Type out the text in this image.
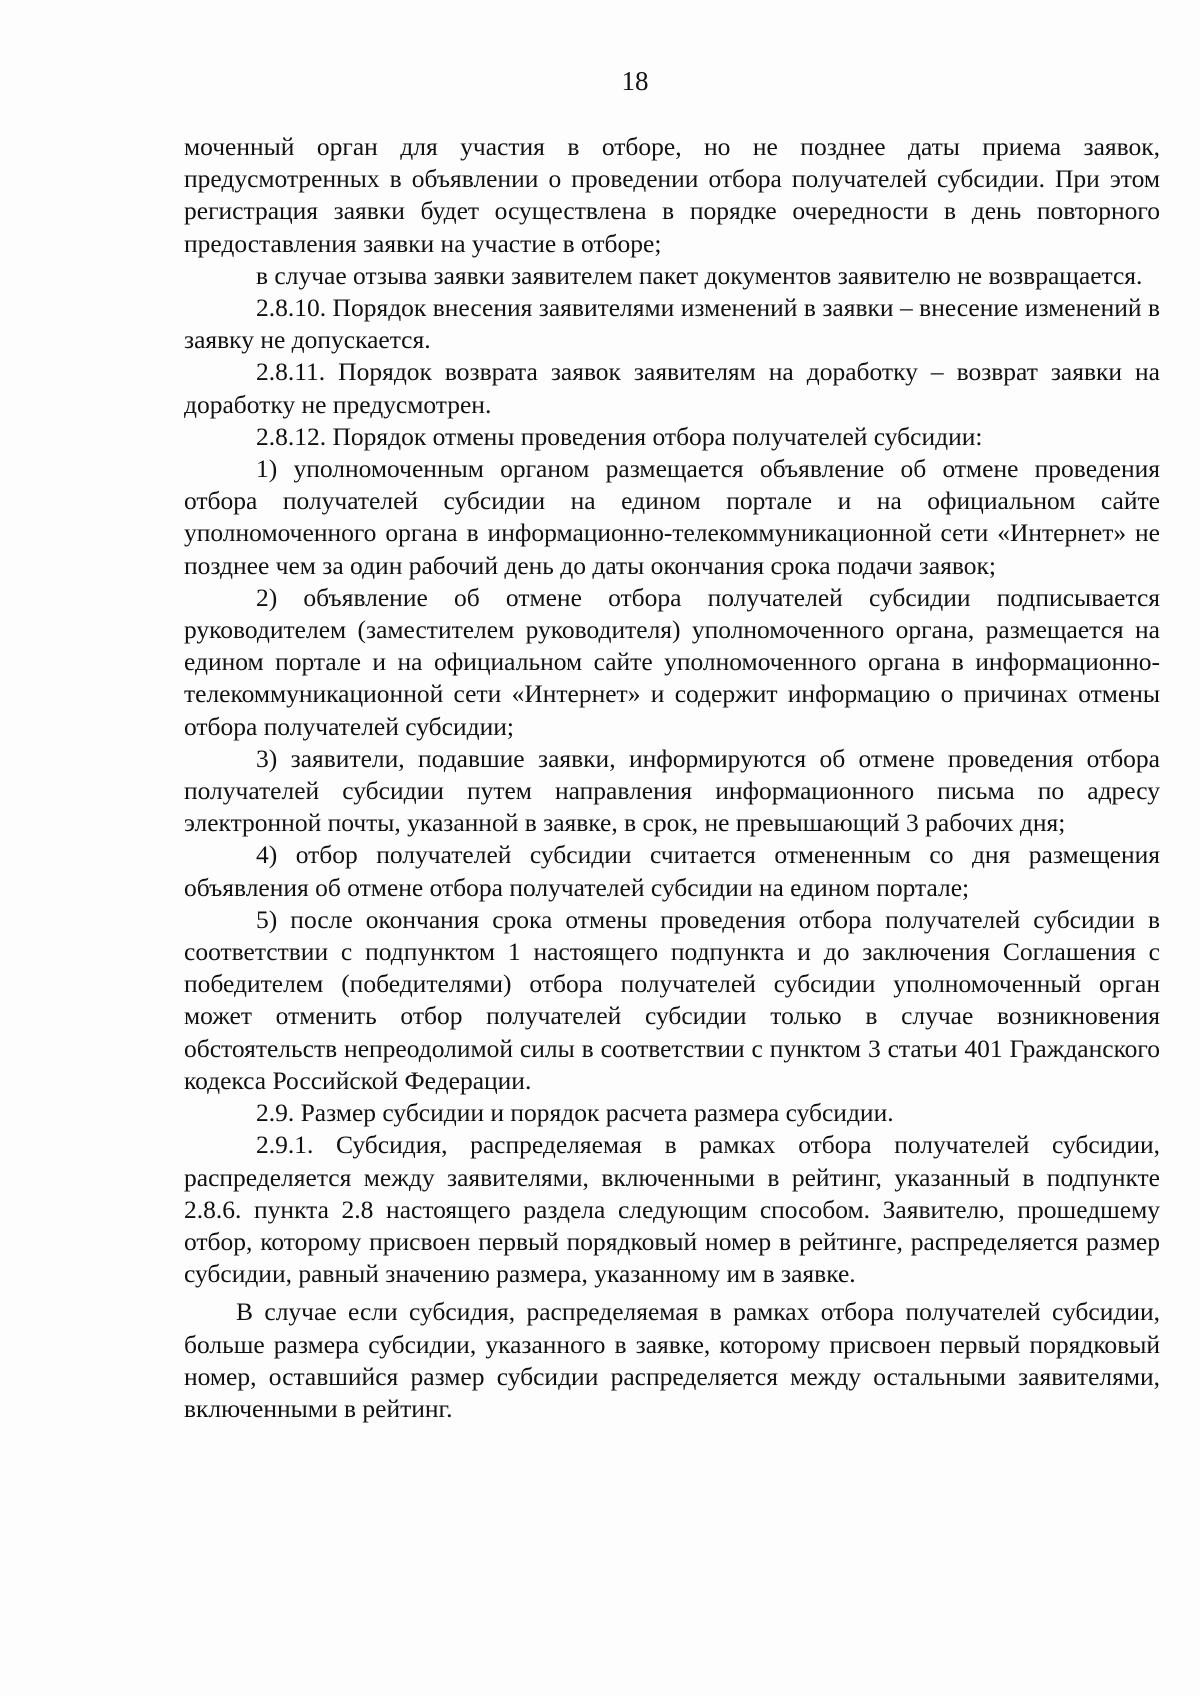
18

моченный орган для участия в отборе, но не позднее даты приема заявок, предусмотренных в объявлении о проведении отбора получателей субсидии. При этом регистрация заявки будет осуществлена в порядке очередности в день повторного предоставления заявки на участие в отборе;

в случае отзыва заявки заявителем пакет документов заявителю не возвращается.

2.8.10. Порядок внесения заявителями изменений в заявки – внесение изменений в заявку не допускается.

2.8.11. Порядок возврата заявок заявителям на доработку – возврат заявки на доработку не предусмотрен.

2.8.12. Порядок отмены проведения отбора получателей субсидии:

1) уполномоченным органом размещается объявление об отмене проведения отбора получателей субсидии на едином портале и на официальном сайте уполномоченного органа в информационно-телекоммуникационной сети «Интернет» не позднее чем за один рабочий день до даты окончания срока подачи заявок;

2) объявление об отмене отбора получателей субсидии подписывается руководителем (заместителем руководителя) уполномоченного органа, размещается на едином портале и на официальном сайте уполномоченного органа в информационно-телекоммуникационной сети «Интернет» и содержит информацию о причинах отмены отбора получателей субсидии;

3) заявители, подавшие заявки, информируются об отмене проведения отбора получателей субсидии путем направления информационного письма по адресу электронной почты, указанной в заявке, в срок, не превышающий 3 рабочих дня;

4) отбор получателей субсидии считается отмененным со дня размещения объявления об отмене отбора получателей субсидии на едином портале;

5) после окончания срока отмены проведения отбора получателей субсидии в соответствии с подпунктом 1 настоящего подпункта и до заключения Соглашения с победителем (победителями) отбора получателей субсидии уполномоченный орган может отменить отбор получателей субсидии только в случае возникновения обстоятельств непреодолимой силы в соответствии с пунктом 3 статьи 401 Гражданского кодекса Российской Федерации.

2.9. Размер субсидии и порядок расчета размера субсидии.

2.9.1. Субсидия, распределяемая в рамках отбора получателей субсидии, распределяется между заявителями, включенными в рейтинг, указанный в подпункте 2.8.6. пункта 2.8 настоящего раздела следующим способом. Заявителю, прошедшему отбор, которому присвоен первый порядковый номер в рейтинге, распределяется размер субсидии, равный значению размера, указанному им в заявке.

В случае если субсидия, распределяемая в рамках отбора получателей субсидии, больше размера субсидии, указанного в заявке, которому присвоен первый порядковый номер, оставшийся размер субсидии распределяется между остальными заявителями, включенными в рейтинг.
